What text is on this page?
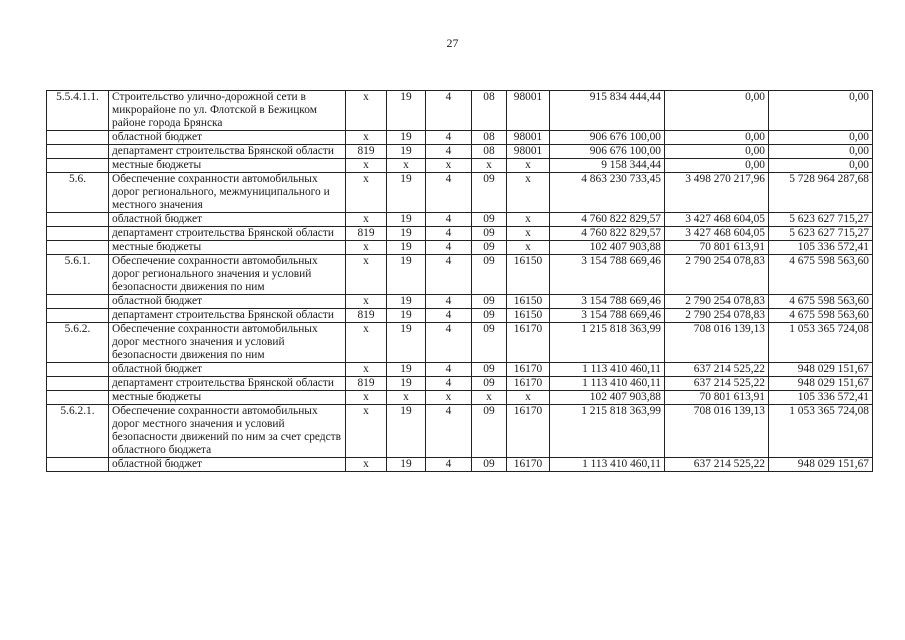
27
5.5.4.1.1.	Строительство улично-дорожной сети в микрорайоне по ул. Флотской в Бежицком районе города Брянска	х	19	4	08	98001	915 834 444,44	0,00	0,00
	областной бюджет	х	19	4	08	98001	906 676 100,00	0,00	0,00
	департамент строительства Брянской области	819	19	4	08	98001	906 676 100,00	0,00	0,00
	местные бюджеты	х	х	х	х	х	9 158 344,44	0,00	0,00
5.6.	Обеспечение сохранности автомобильных дорог регионального, межмуниципального и местного значения	х	19	4	09	х	4 863 230 733,45	3 498 270 217,96	5 728 964 287,68
	областной бюджет	х	19	4	09	х	4 760 822 829,57	3 427 468 604,05	5 623 627 715,27
	департамент строительства Брянской области	819	19	4	09	х	4 760 822 829,57	3 427 468 604,05	5 623 627 715,27
	местные бюджеты	х	19	4	09	х	102 407 903,88	70 801 613,91	105 336 572,41
5.6.1.	Обеспечение сохранности автомобильных дорог регионального значения и условий безопасности движения по ним	х	19	4	09	16150	3 154 788 669,46	2 790 254 078,83	4 675 598 563,60
	областной бюджет	х	19	4	09	16150	3 154 788 669,46	2 790 254 078,83	4 675 598 563,60
	департамент строительства Брянской области	819	19	4	09	16150	3 154 788 669,46	2 790 254 078,83	4 675 598 563,60
5.6.2.	Обеспечение сохранности автомобильных дорог местного значения и условий безопасности движения по ним	х	19	4	09	16170	1 215 818 363,99	708 016 139,13	1 053 365 724,08
	областной бюджет	х	19	4	09	16170	1 113 410 460,11	637 214 525,22	948 029 151,67
	департамент строительства Брянской области	819	19	4	09	16170	1 113 410 460,11	637 214 525,22	948 029 151,67
	местные бюджеты	х	х	х	х	х	102 407 903,88	70 801 613,91	105 336 572,41
5.6.2.1.	Обеспечение сохранности автомобильных дорог местного значения и условий безопасности движений по ним за счет средств областного бюджета	х	19	4	09	16170	1 215 818 363,99	708 016 139,13	1 053 365 724,08
	областной бюджет	х	19	4	09	16170	1 113 410 460,11	637 214 525,22	948 029 151,67
